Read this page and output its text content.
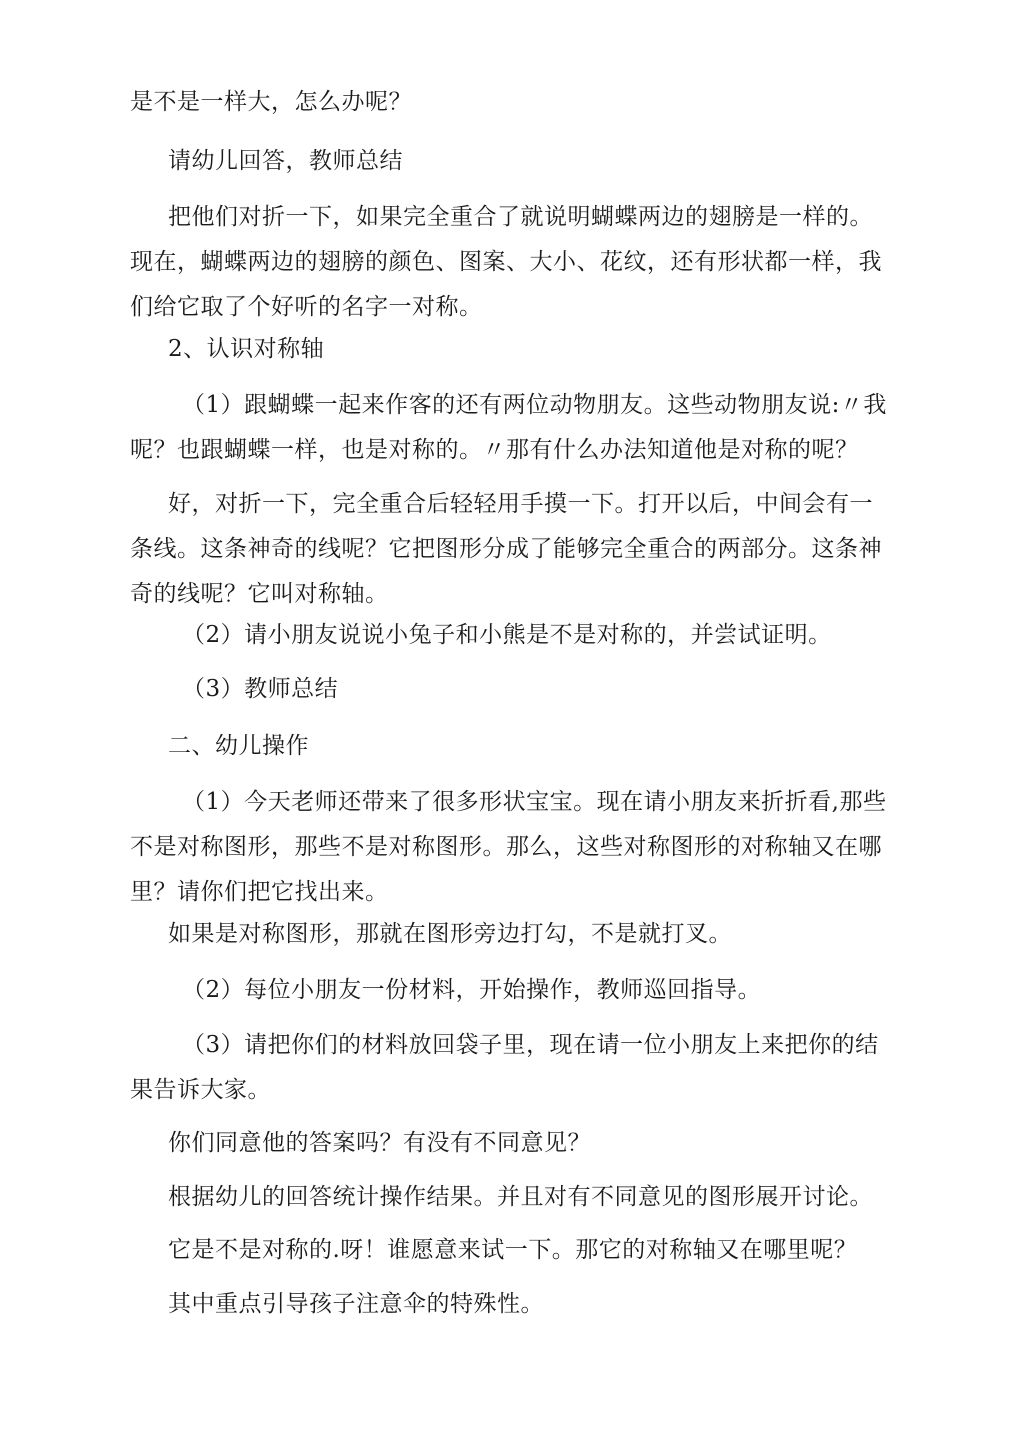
是不是一样大，怎么办呢？
请幼儿回答，教师总结
把他们对折一下，如果完全重合了就说明蝴蝶两边的翅膀是一样的。
现在，蝴蝶两边的翅膀的颜色、图案、大小、花纹，还有形状都一样，我
们给它取了个好听的名字一对称。
2、认识对称轴
（1）跟蝴蝶一起来作客的还有两位动物朋友。这些动物朋友说:〃我
呢？也跟蝴蝶一样，也是对称的。〃那有什么办法知道他是对称的呢？
好，对折一下，完全重合后轻轻用手摸一下。打开以后，中间会有一
条线。这条神奇的线呢？它把图形分成了能够完全重合的两部分。这条神
奇的线呢？它叫对称轴。
（2）请小朋友说说小兔子和小熊是不是对称的，并尝试证明。
（3）教师总结
二、幼儿操作
（1）今天老师还带来了很多形状宝宝。现在请小朋友来折折看,那些
不是对称图形，那些不是对称图形。那么，这些对称图形的对称轴又在哪
里？请你们把它找出来。
如果是对称图形，那就在图形旁边打勾，不是就打叉。
（2）每位小朋友一份材料，开始操作，教师巡回指导。
（3）请把你们的材料放回袋子里，现在请一位小朋友上来把你的结
果告诉大家。
你们同意他的答案吗？有没有不同意见？
根据幼儿的回答统计操作结果。并且对有不同意见的图形展开讨论。
它是不是对称的.呀！谁愿意来试一下。那它的对称轴又在哪里呢？
其中重点引导孩子注意伞的特殊性。
